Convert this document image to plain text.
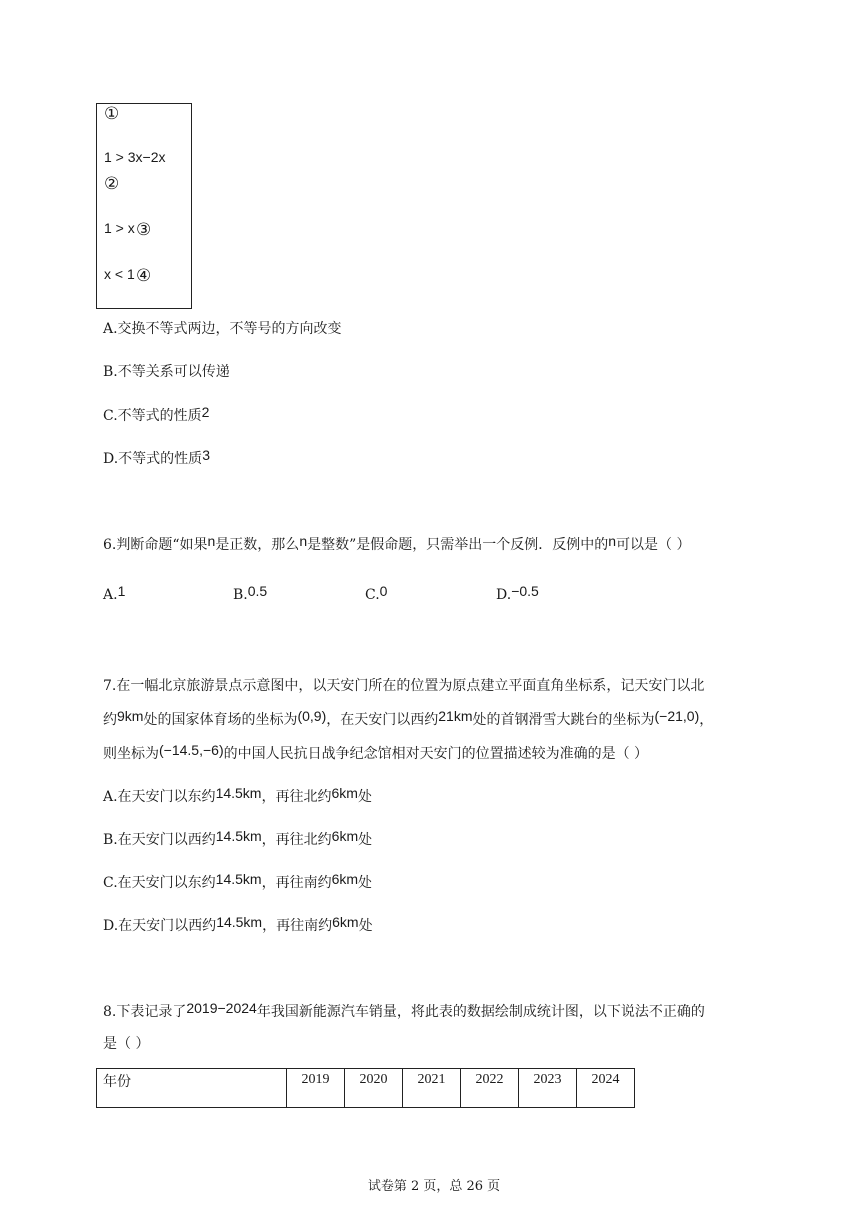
①
1 > 3x−2x
②
1 > x ③
x < 1 ④
A.交换不等式两边，不等号的方向改变
B.不等关系可以传递
C.不等式的性质2
D.不等式的性质3
6.判断命题“如果n是正数，那么n是整数”是假命题，只需举出一个反例．反例中的n可以是（ ）
A.1	B.0.5	C.0	D.−0.5
7.在一幅北京旅游景点示意图中，以天安门所在的位置为原点建立平面直角坐标系，记天安门以北
约9km处的国家体育场的坐标为(0,9)，在天安门以西约21km处的首钢滑雪大跳台的坐标为(−21,0)，
则坐标为(−14.5,−6)的中国人民抗日战争纪念馆相对天安门的位置描述较为准确的是（ ）
A.在天安门以东约14.5km，再往北约6km处
B.在天安门以西约14.5km，再往北约6km处
C.在天安门以东约14.5km，再往南约6km处
D.在天安门以西约14.5km，再往南约6km处
8.下表记录了2019−2024年我国新能源汽车销量，将此表的数据绘制成统计图，以下说法不正确的
是（ ）
年份	2019	2020	2021	2022	2023	2024
试卷第 2 页，总 26 页
